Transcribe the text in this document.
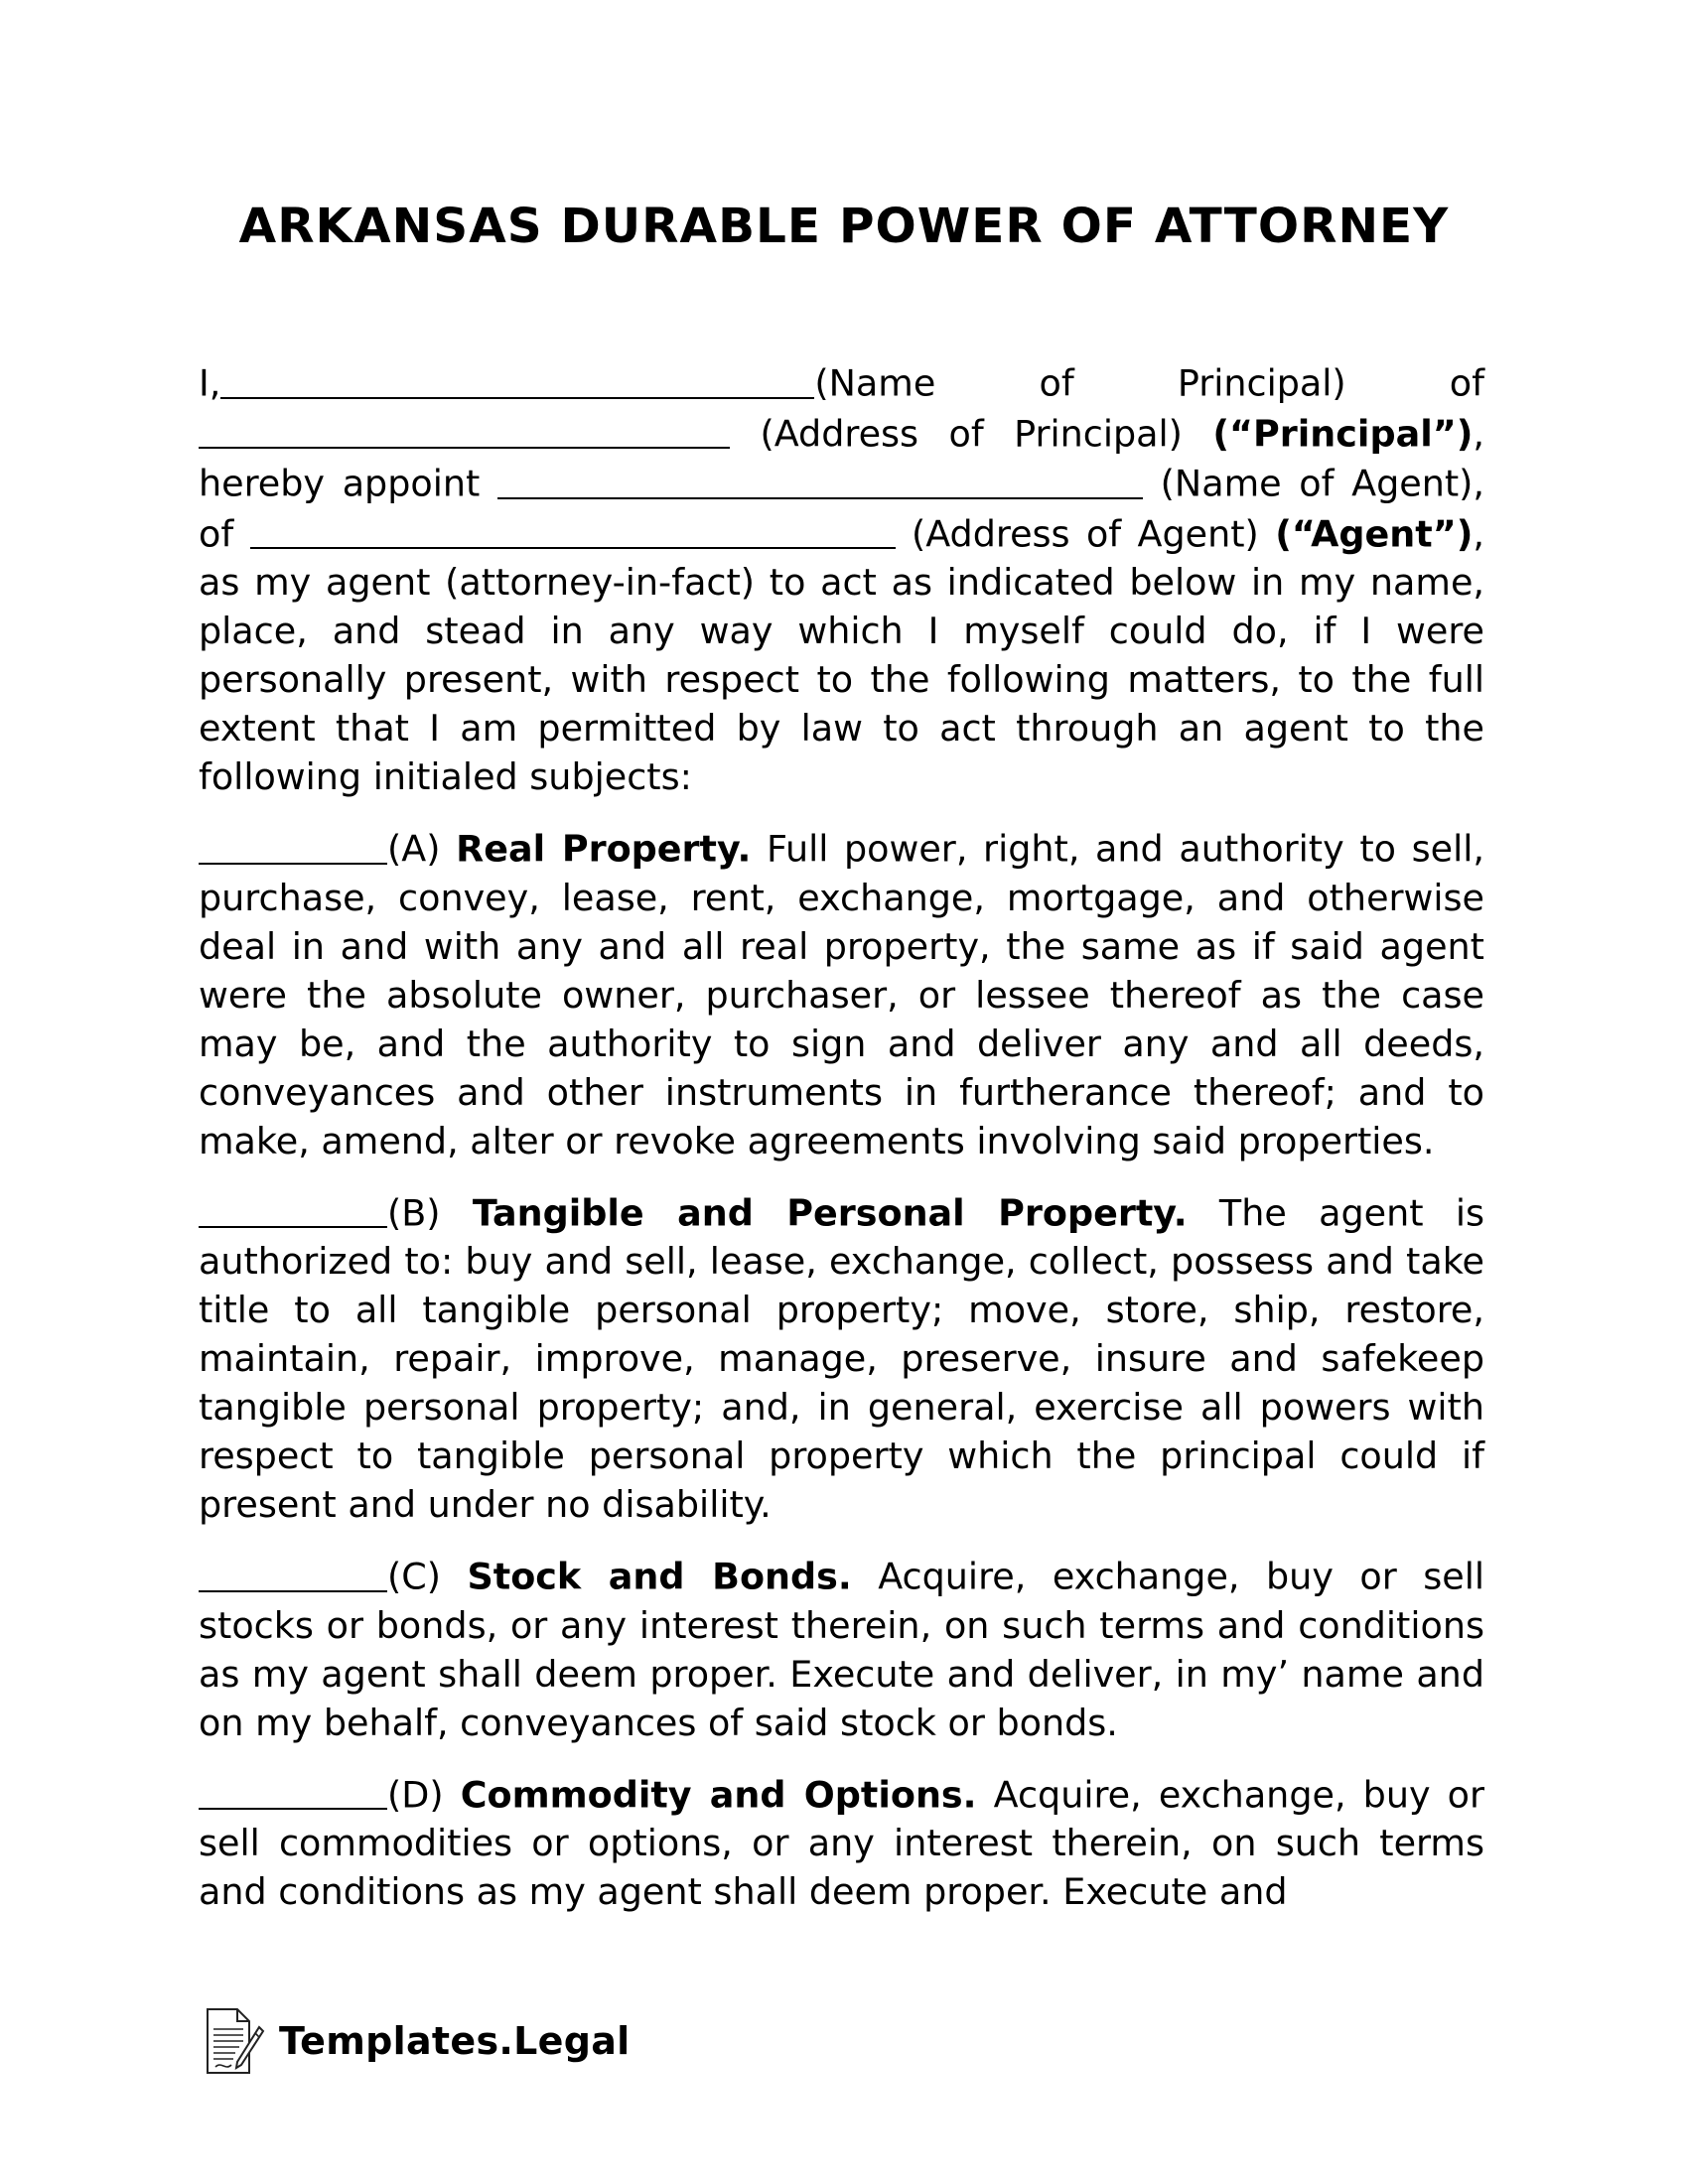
ARKANSAS DURABLE POWER OF ATTORNEY

I,	(Name of Principal) of  (Address of Principal) (“Principal”), hereby appoint	(Name of Agent), of	(Address of Agent) (“Agent”), as my agent (attorney-in-fact) to act as indicated below in my name, place, and stead in any way which I myself could do, if I were personally present, with respect to the following matters, to the full extent that I am permitted by law to act through an agent to the following initialed subjects:

(A) Real Property. Full power, right, and authority to sell, purchase, convey, lease, rent, exchange, mortgage, and otherwise deal in and with any and all real property, the same as if said agent were the absolute owner, purchaser, or lessee thereof as the case may be, and the authority to sign and deliver any and all deeds, conveyances and other instruments in furtherance thereof; and to make, amend, alter or revoke agreements involving said properties.

(B) Tangible and Personal Property. The agent is authorized to: buy and sell, lease, exchange, collect, possess and take title to all tangible personal property; move, store, ship, restore, maintain, repair, improve, manage, preserve, insure and safekeep tangible personal property; and, in general, exercise all powers with respect to tangible personal property which the principal could if present and under no disability.

(C) Stock and Bonds. Acquire, exchange, buy or sell stocks or bonds, or any interest therein, on such terms and conditions as my agent shall deem proper. Execute and deliver, in my’ name and on my behalf, conveyances of said stock or bonds.

(D) Commodity and Options. Acquire, exchange, buy or sell commodities or options, or any interest therein, on such terms and conditions as my agent shall deem proper. Execute and

Templates.Legal
